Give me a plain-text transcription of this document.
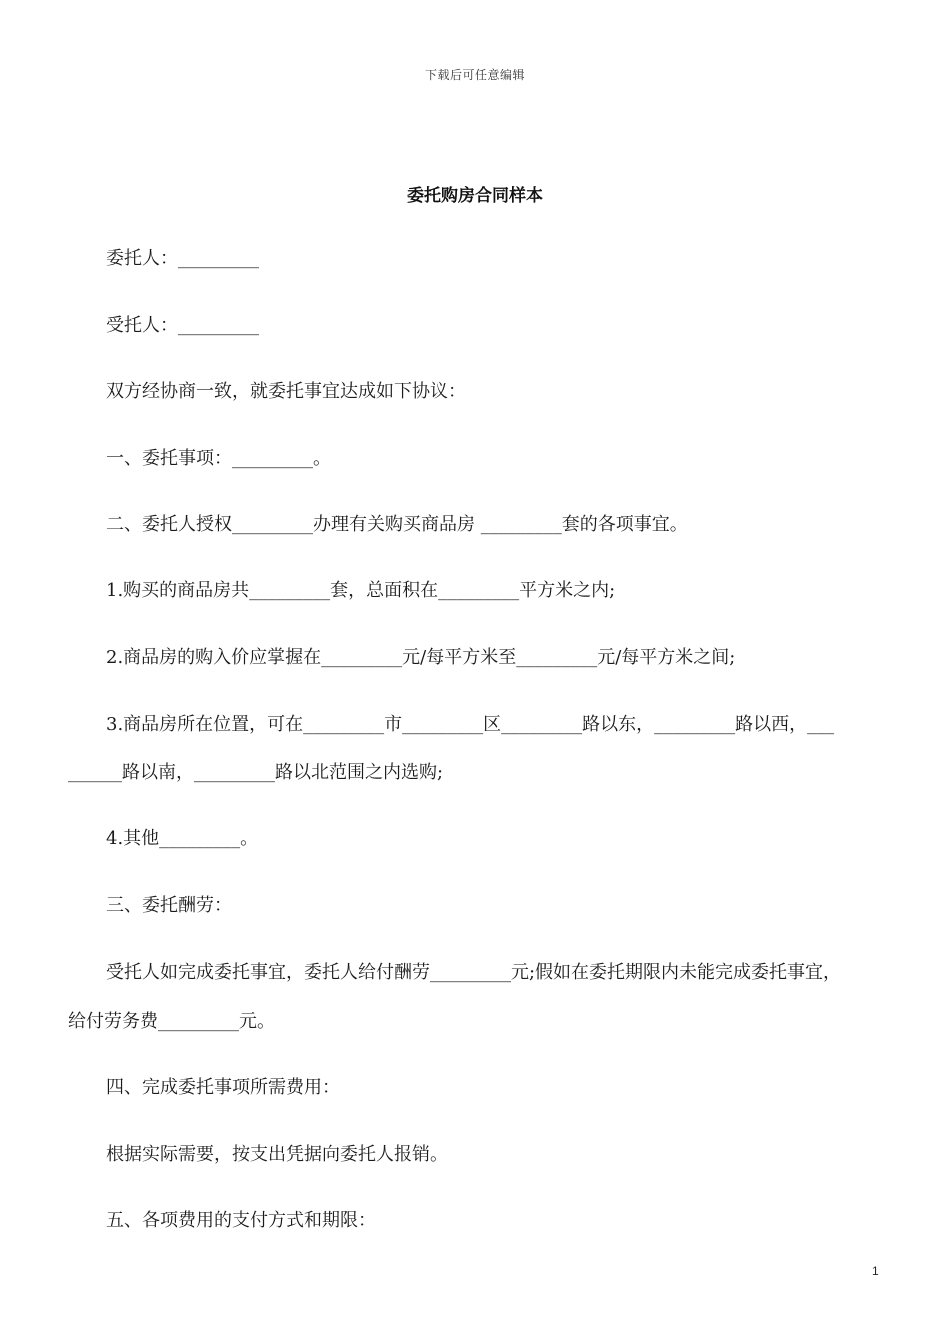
下载后可任意编辑
委托购房合同样本
委托人：_________
受托人：_________
双方经协商一致，就委托事宜达成如下协议：
一、委托事项：_________。
二、委托人授权_________办理有关购买商品房 _________套的各项事宜。
1.购买的商品房共_________套，总面积在_________平方米之内;
2.商品房的购入价应掌握在_________元/每平方米至_________元/每平方米之间;
3.商品房所在位置，可在_________市_________区_________路以东，_________路以西，___
______路以南，_________路以北范围之内选购;
4.其他_________。
三、委托酬劳：
受托人如完成委托事宜，委托人给付酬劳_________元;假如在委托期限内未能完成委托事宜，
给付劳务费_________元。
四、完成委托事项所需费用：
根据实际需要，按支出凭据向委托人报销。
五、各项费用的支付方式和期限：
1
